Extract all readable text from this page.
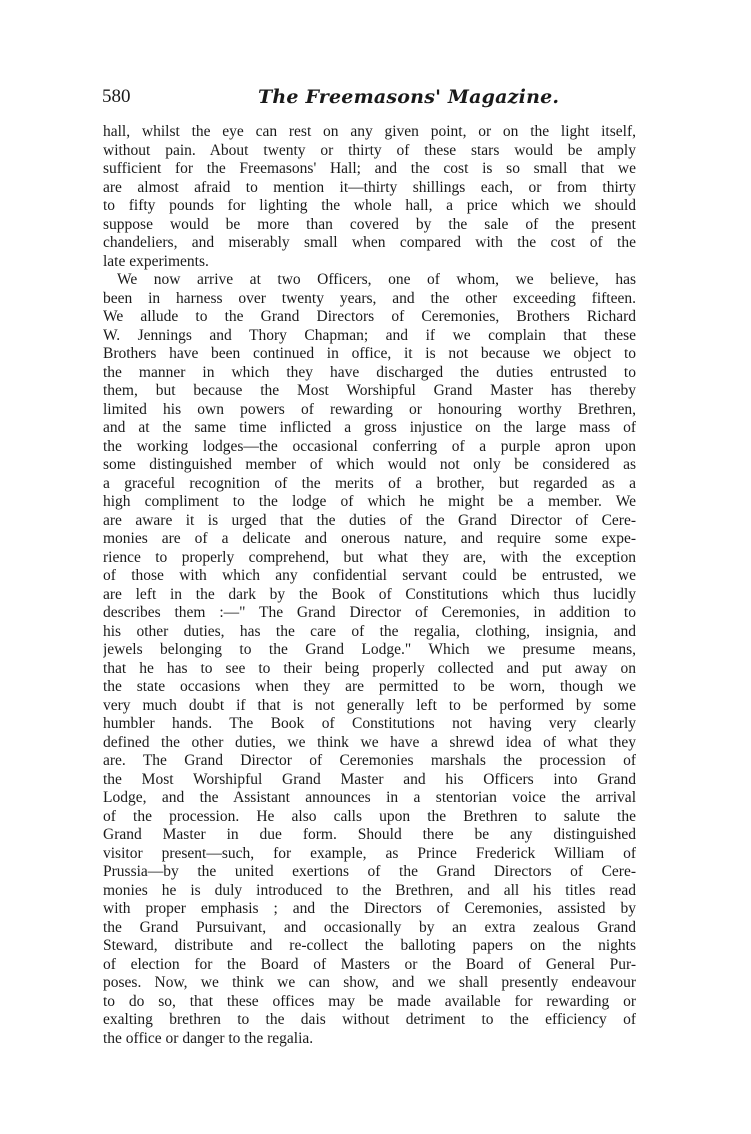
580	The Freemasons' Magazine.
hall, whilst the eye can rest on any given point, or on the light itself,
without pain. About twenty or thirty of these stars would be amply
sufficient for the Freemasons' Hall; and the cost is so small that we
are almost afraid to mention it—thirty shillings each, or from thirty
to fifty pounds for lighting the whole hall, a price which we should
suppose would be more than covered by the sale of the present
chandeliers, and miserably small when compared with the cost of the
late experiments.
We now arrive at two Officers, one of whom, we believe, has
been in harness over twenty years, and the other exceeding fifteen.
We allude to the Grand Directors of Ceremonies, Brothers Richard
W. Jennings and Thory Chapman; and if we complain that these
Brothers have been continued in office, it is not because we object to
the manner in which they have discharged the duties entrusted to
them, but because the Most Worshipful Grand Master has thereby
limited his own powers of rewarding or honouring worthy Brethren,
and at the same time inflicted a gross injustice on the large mass of
the working lodges—the occasional conferring of a purple apron upon
some distinguished member of which would not only be considered as
a graceful recognition of the merits of a brother, but regarded as a
high compliment to the lodge of which he might be a member. We
are aware it is urged that the duties of the Grand Director of Cere-
monies are of a delicate and onerous nature, and require some expe-
rience to properly comprehend, but what they are, with the exception
of those with which any confidential servant could be entrusted, we
are left in the dark by the Book of Constitutions which thus lucidly
describes them :—" The Grand Director of Ceremonies, in addition to
his other duties, has the care of the regalia, clothing, insignia, and
jewels belonging to the Grand Lodge." Which we presume means,
that he has to see to their being properly collected and put away on
the state occasions when they are permitted to be worn, though we
very much doubt if that is not generally left to be performed by some
humbler hands. The Book of Constitutions not having very clearly
defined the other duties, we think we have a shrewd idea of what they
are. The Grand Director of Ceremonies marshals the procession of
the Most Worshipful Grand Master and his Officers into Grand
Lodge, and the Assistant announces in a stentorian voice the arrival
of the procession. He also calls upon the Brethren to salute the
Grand Master in due form. Should there be any distinguished
visitor present—such, for example, as Prince Frederick William of
Prussia—by the united exertions of the Grand Directors of Cere-
monies he is duly introduced to the Brethren, and all his titles read
with proper emphasis ; and the Directors of Ceremonies, assisted by
the Grand Pursuivant, and occasionally by an extra zealous Grand
Steward, distribute and re-collect the balloting papers on the nights
of election for the Board of Masters or the Board of General Pur-
poses. Now, we think we can show, and we shall presently endeavour
to do so, that these offices may be made available for rewarding or
exalting brethren to the dais without detriment to the efficiency of
the office or danger to the regalia.
